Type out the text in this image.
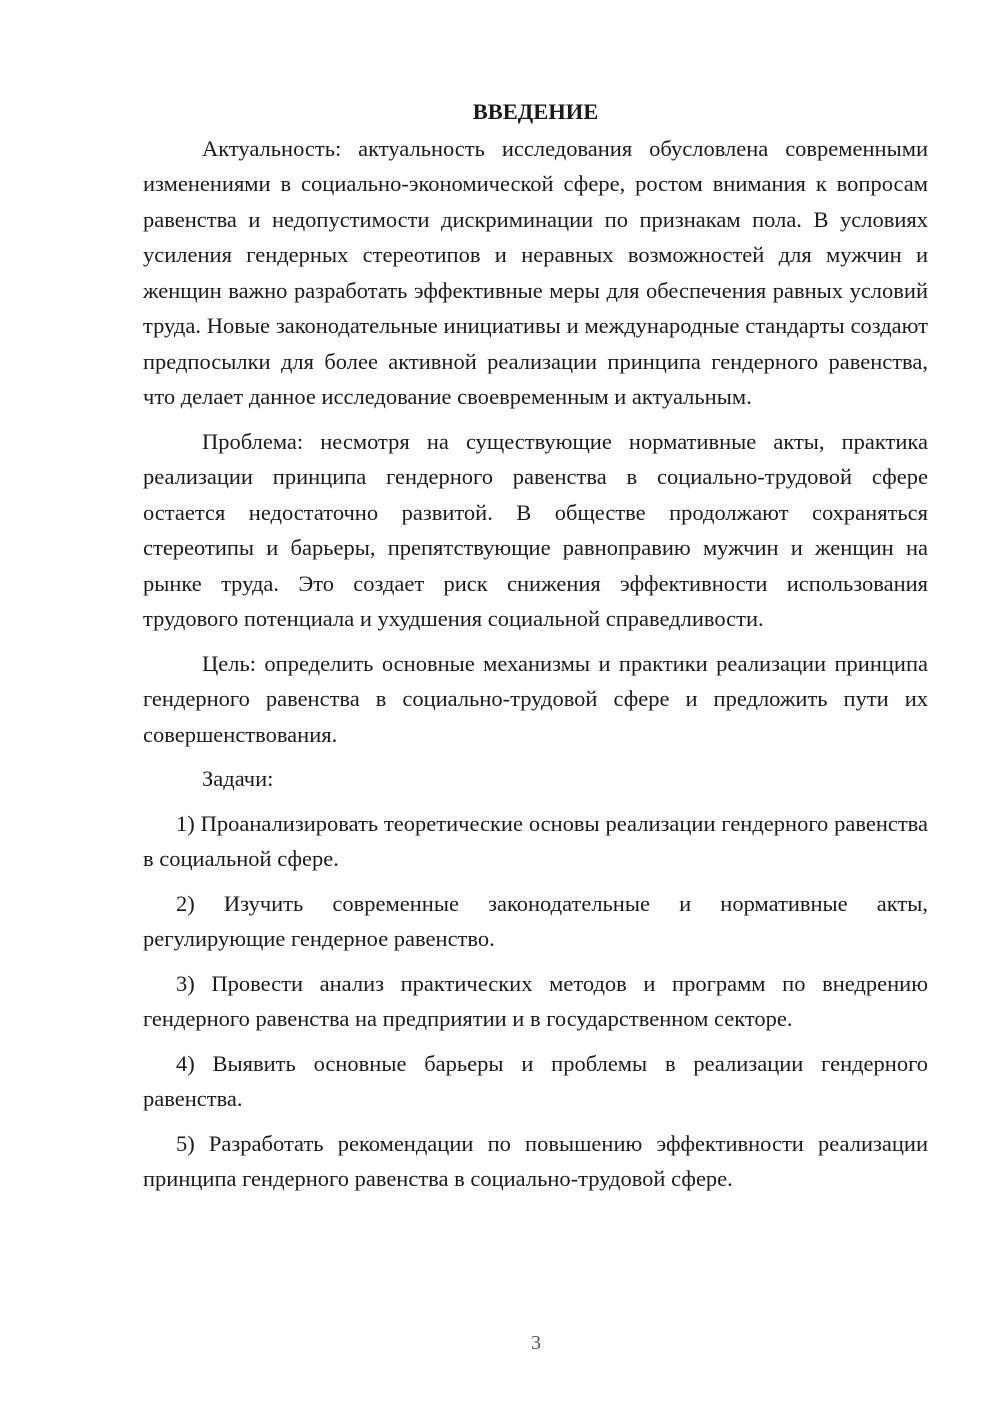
ВВЕДЕНИЕ

Актуальность: актуальность исследования обусловлена современными изменениями в социально-экономической сфере, ростом внимания к вопросам равенства и недопустимости дискриминации по признакам пола. В условиях усиления гендерных стереотипов и неравных возможностей для мужчин и женщин важно разработать эффективные меры для обеспечения равных условий труда. Новые законодательные инициативы и международные стандарты создают предпосылки для более активной реализации принципа гендерного равенства, что делает данное исследование своевременным и актуальным.

Проблема: несмотря на существующие нормативные акты, практика реализации принципа гендерного равенства в социально-трудовой сфере остается недостаточно развитой. В обществе продолжают сохраняться стереотипы и барьеры, препятствующие равноправию мужчин и женщин на рынке труда. Это создает риск снижения эффективности использования трудового потенциала и ухудшения социальной справедливости.

Цель: определить основные механизмы и практики реализации принципа гендерного равенства в социально-трудовой сфере и предложить пути их совершенствования.

Задачи:

1) Проанализировать теоретические основы реализации гендерного равенства в социальной сфере.

2) Изучить современные законодательные и нормативные акты, регулирующие гендерное равенство.

3) Провести анализ практических методов и программ по внедрению гендерного равенства на предприятии и в государственном секторе.

4) Выявить основные барьеры и проблемы в реализации гендерного равенства.

5) Разработать рекомендации по повышению эффективности реализации принципа гендерного равенства в социально-трудовой сфере.

3
